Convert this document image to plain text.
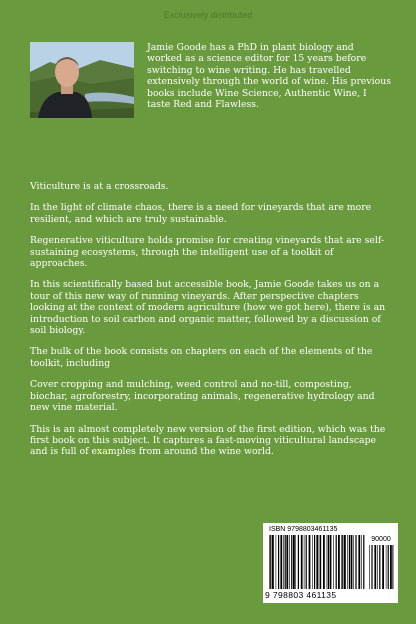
Exclusively distributed
Jamie Goode has a PhD in plant biology and worked as a science editor for 15 years before switching to wine writing. He has travelled extensively through the world of wine. His previous books include Wine Science, Authentic Wine, I taste Red and Flawless.

Viticulture is at a crossroads.

In the light of climate chaos, there is a need for vineyards that are more resilient, and which are truly sustainable.

Regenerative viticulture holds promise for creating vineyards that are self-sustaining ecosystems, through the intelligent use of a toolkit of approaches.

In this scientifically based but accessible book, Jamie Goode takes us on a tour of this new way of running vineyards. After perspective chapters looking at the context of modern agriculture (how we got here), there is an introduction to soil carbon and organic matter, followed by a discussion of soil biology.

The bulk of the book consists on chapters on each of the elements of the toolkit, including

Cover cropping and mulching, weed control and no-till, composting, biochar, agroforestry, incorporating animals, regenerative hydrology and new vine material.

This is an almost completely new version of the first edition, which was the first book on this subject. It captures a fast-moving viticultural landscape and is full of examples from around the wine world.

ISBN 9798803461135
90000
9 798803 461135
